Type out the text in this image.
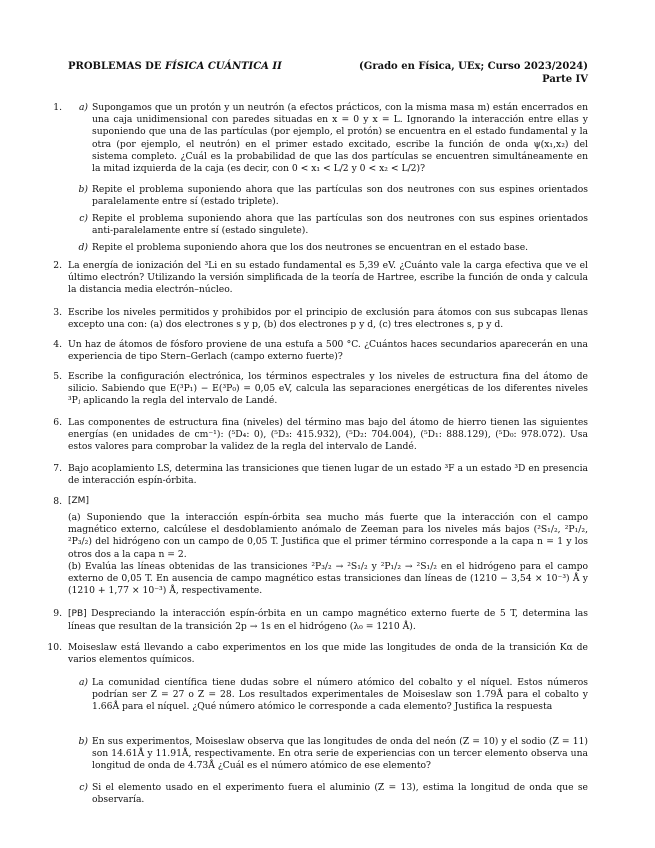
PROBLEMAS DE FÍSICA CUÁNTICA II	(Grado en Física, UEx; Curso 2023/2024)
Parte IV
1.	a) Supongamos que un protón y un neutrón (a efectos prácticos, con la misma masa m) están encerrados en una caja unidimensional con paredes situadas en x = 0 y x = L. Ignorando la interacción entre ellas y suponiendo que una de las partículas (por ejemplo, el protón) se encuentra en el estado fundamental y la otra (por ejemplo, el neutrón) en el primer estado excitado, escribe la función de onda ψ(x₁,x₂) del sistema completo. ¿Cuál es la probabilidad de que las dos partículas se encuentren simultáneamente en la mitad izquierda de la caja (es decir, con 0 < x₁ < L/2 y 0 < x₂ < L/2)?

b) Repite el problema suponiendo ahora que las partículas son dos neutrones con sus espines orientados paralelamente entre sí (estado triplete).

c) Repite el problema suponiendo ahora que las partículas son dos neutrones con sus espines orientados anti-paralelamente entre sí (estado singulete).

d) Repite el problema suponiendo ahora que los dos neutrones se encuentran en el estado base.

2. La energía de ionización del ³Li en su estado fundamental es 5,39 eV. ¿Cuánto vale la carga efectiva que ve el último electrón? Utilizando la versión simplificada de la teoría de Hartree, escribe la función de onda y calcula la distancia media electrón–núcleo.

3. Escribe los niveles permitidos y prohibidos por el principio de exclusión para átomos con sus subcapas llenas excepto una con: (a) dos electrones s y p, (b) dos electrones p y d, (c) tres electrones s, p y d.

4. Un haz de átomos de fósforo proviene de una estufa a 500 °C. ¿Cuántos haces secundarios aparecerán en una experiencia de tipo Stern–Gerlach (campo externo fuerte)?

5. Escribe la configuración electrónica, los términos espectrales y los niveles de estructura fina del átomo de silicio. Sabiendo que E(³P₁) − E(³P₀) = 0,05 eV, calcula las separaciones energéticas de los diferentes niveles ³Pⱼ aplicando la regla del intervalo de Landé.

6. Las componentes de estructura fina (niveles) del término mas bajo del átomo de hierro tienen las siguientes energías (en unidades de cm⁻¹): (⁵D₄: 0), (⁵D₃: 415.932), (⁵D₂: 704.004), (⁵D₁: 888.129), (⁵D₀: 978.072). Usa estos valores para comprobar la validez de la regla del intervalo de Landé.

7. Bajo acoplamiento LS, determina las transiciones que tienen lugar de un estado ³F a un estado ³D en presencia de interacción espín-órbita.

8. [ZM]

(a) Suponiendo que la interacción espín-órbita sea mucho más fuerte que la interacción con el campo magnético externo, calcúlese el desdoblamiento anómalo de Zeeman para los niveles más bajos (²S₁/₂, ²P₁/₂, ²P₃/₂) del hidrógeno con un campo de 0,05 T. Justifica que el primer término corresponde a la capa n = 1 y los otros dos a la capa n = 2.

(b) Evalúa las líneas obtenidas de las transiciones ²P₃/₂ → ²S₁/₂ y ²P₁/₂ → ²S₁/₂ en el hidrógeno para el campo externo de 0,05 T. En ausencia de campo magnético estas transiciones dan líneas de (1210 − 3,54 × 10⁻³) Å y (1210 + 1,77 × 10⁻³) Å, respectivamente.

9. [PB] Despreciando la interacción espín-órbita en un campo magnético externo fuerte de 5 T, determina las líneas que resultan de la transición 2p → 1s en el hidrógeno (λ₀ = 1210 Å).

10. Moiseslaw está llevando a cabo experimentos en los que mide las longitudes de onda de la transición Kα de varios elementos químicos.

a) La comunidad científica tiene dudas sobre el número atómico del cobalto y el níquel. Estos números podrían ser Z = 27 o Z = 28. Los resultados experimentales de Moiseslaw son 1.79Å para el cobalto y 1.66Å para el níquel. ¿Qué número atómico le corresponde a cada elemento? Justifica la respuesta

b) En sus experimentos, Moiseslaw observa que las longitudes de onda del neón (Z = 10) y el sodio (Z = 11) son 14.61Å y 11.91Å, respectivamente. En otra serie de experiencias con un tercer elemento observa una longitud de onda de 4.73Å ¿Cuál es el número atómico de ese elemento?

c) Si el elemento usado en el experimento fuera el aluminio (Z = 13), estima la longitud de onda que se observaría.
